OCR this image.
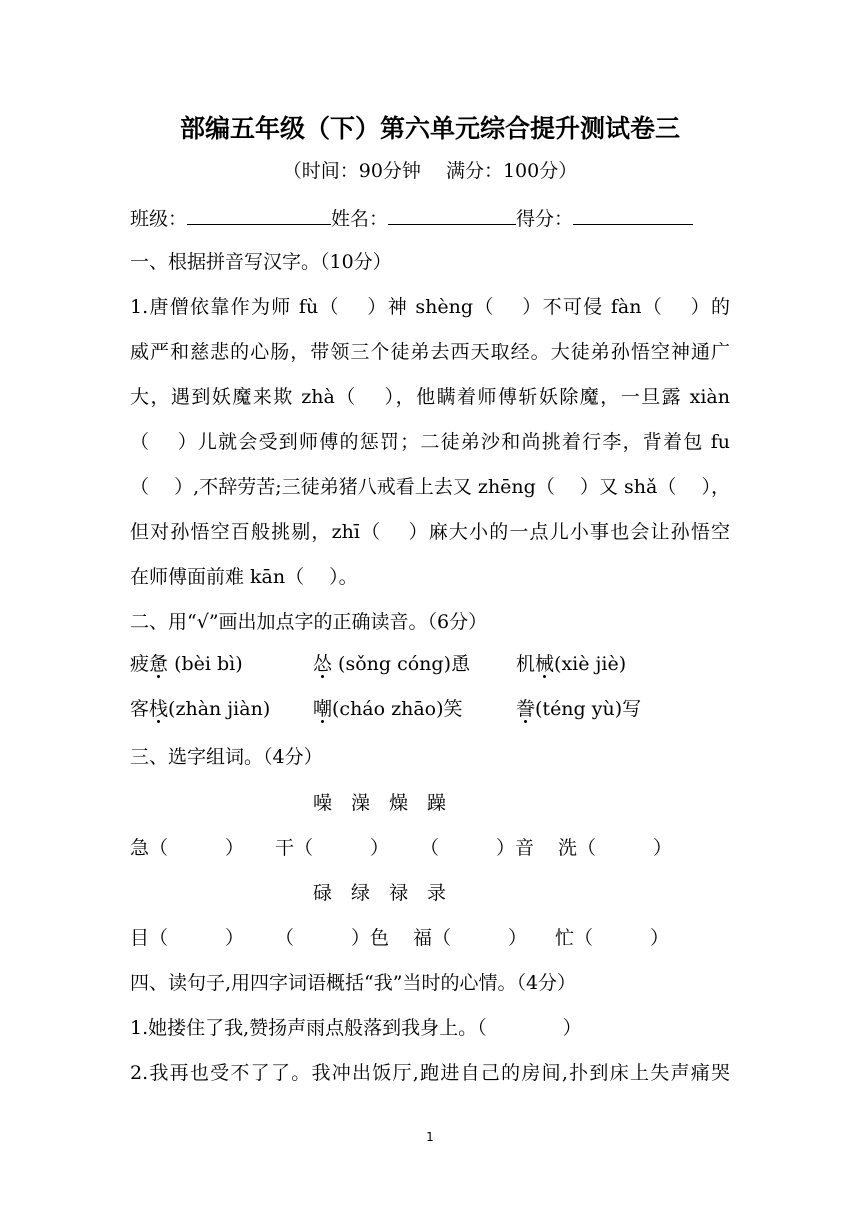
部编五年级（下）第六单元综合提升测试卷三
（时间：90分钟　 满分：100分）
班级：	姓名：	得分：
一、根据拼音写汉字。（10分）
1.唐僧依靠作为师 fù（　 ）神 shèng（　 ）不可侵 fàn（　 ）的
威严和慈悲的心肠，带领三个徒弟去西天取经。大徒弟孙悟空神通广
大，遇到妖魔来欺 zhà（　 ），他瞒着师傅斩妖除魔，一旦露 xiàn
（　 ）儿就会受到师傅的惩罚；二徒弟沙和尚挑着行李，背着包 fu
（　 ）,不辞劳苦;三徒弟猪八戒看上去又 zhēng（　 ）又 shǎ（　 ），
但对孙悟空百般挑剔，zhī（　 ）麻大小的一点儿小事也会让孙悟空
在师傅面前难 kān（　 ）。
二、用“√”画出加点字的正确读音。（6分）
疲惫 (bèi bì)	怂 (sǒng cóng)恿 机械(xiè jiè)
客栈(zhàn jiàn) 嘲(cháo zhāo)笑	誊(téng yù)写
三、选字组词。（4分）
噪　澡　燥　躁
急（　　　） 干（　　　） （　　　）音 洗（　　　）
碌　绿　禄　录
目（　　　） （　　　）色 福（　　　） 忙（　　　）
四、读句子,用四字词语概括“我”当时的心情。（4分）
1.她搂住了我,赞扬声雨点般落到我身上。（　　　　）
2.我再也受不了了。我冲出饭厅,跑进自己的房间,扑到床上失声痛哭
1
